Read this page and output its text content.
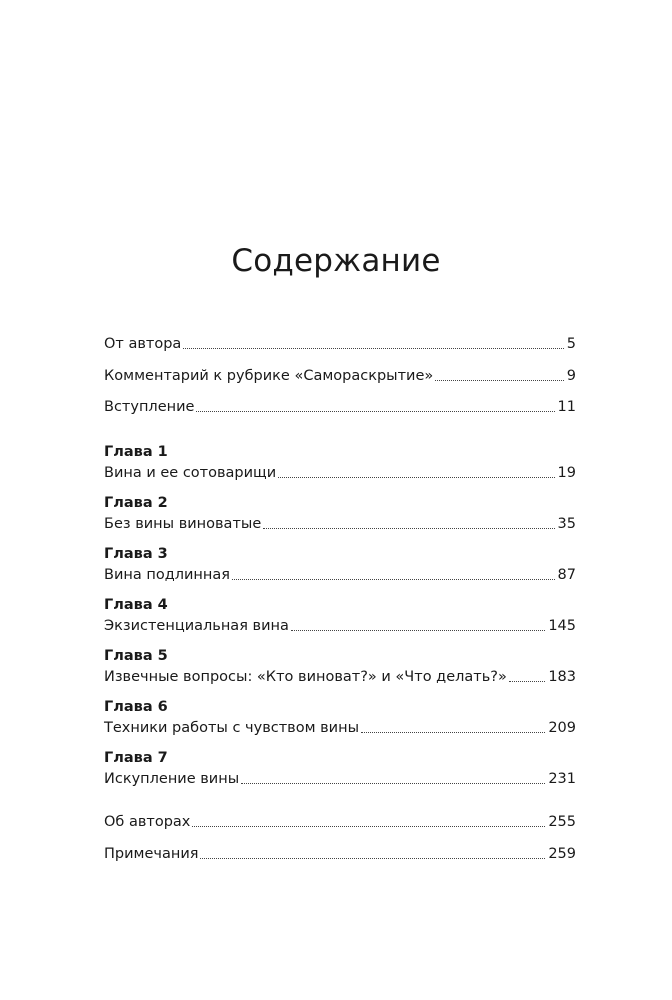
Содержание
От автора	5
Комментарий к рубрике «Самораскрытие»	9
Вступление	11
Глава 1
Вина и ее сотоварищи	19
Глава 2
Без вины виноватые	35
Глава 3
Вина подлинная	87
Глава 4
Экзистенциальная вина	145
Глава 5
Извечные вопросы: «Кто виноват?» и «Что делать?»	183
Глава 6
Техники работы с чувством вины	209
Глава 7
Искупление вины	231
Об авторах	255
Примечания	259
